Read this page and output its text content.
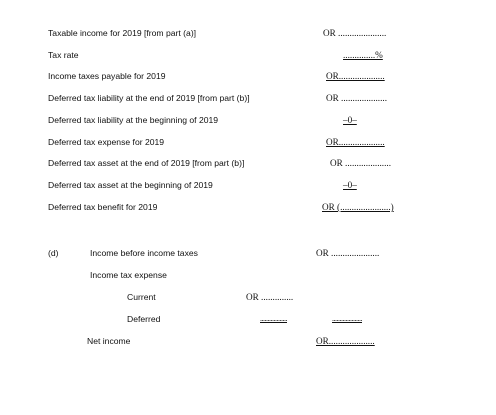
Taxable income for 2019 [from part (a)]	OR .....................
Tax rate	..............%
Income taxes payable for 2019	OR....................
Deferred tax liability at the end of 2019 [from part (b)]	OR ....................
Deferred tax liability at the beginning of 2019	–0–
Deferred tax expense for 2019	OR....................
Deferred tax asset at the end of 2019 [from part (b)]	OR ....................
Deferred tax asset at the beginning of 2019	–0–
Deferred tax benefit for 2019	OR (......................)
(d)	Income before income taxes	OR .....................
Income tax expense
Current	OR ..............
Deferred	..................	....................
Net income	OR....................
